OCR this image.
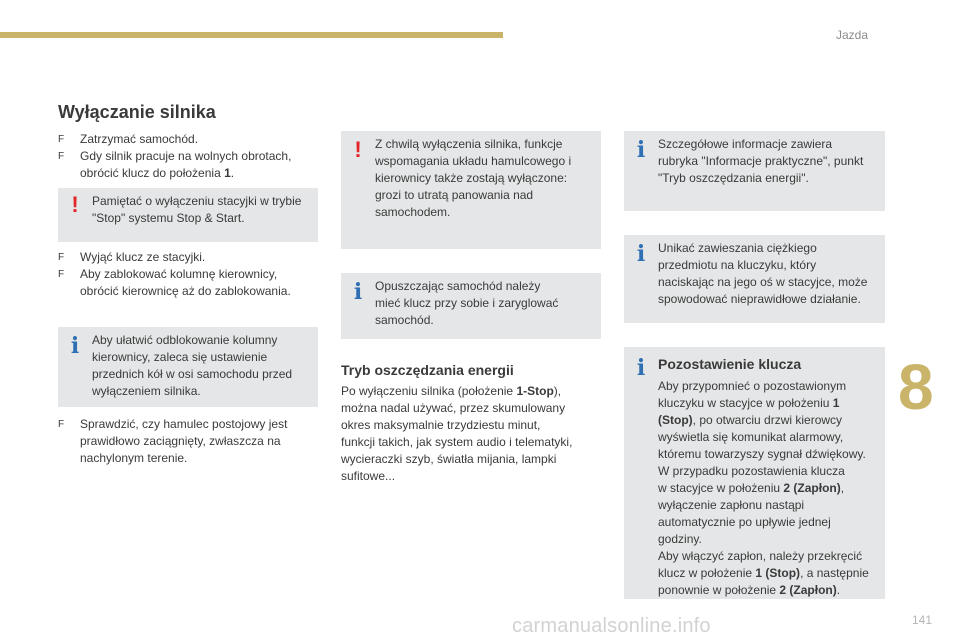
Jazda
8
141
carmanualsonline.info
Wyłączanie silnika
F Zatrzymać samochód.
F Gdy silnik pracuje na wolnych obrotach,
obrócić klucz do położenia 1.
! Pamiętać o wyłączeniu stacyjki w trybie
"Stop" systemu Stop & Start.
F Wyjąć klucz ze stacyjki.
F Aby zablokować kolumnę kierownicy,
obrócić kierownicę aż do zablokowania.
i Aby ułatwić odblokowanie kolumny
kierownicy, zaleca się ustawienie
przednich kół w osi samochodu przed
wyłączeniem silnika.
F Sprawdzić, czy hamulec postojowy jest
prawidłowo zaciągnięty, zwłaszcza na
nachylonym terenie.
! Z chwilą wyłączenia silnika, funkcje
wspomagania układu hamulcowego i
kierownicy także zostają wyłączone:
grozi to utratą panowania nad
samochodem.
i Opuszczając samochód należy
mieć klucz przy sobie i zaryglować
samochód.
Tryb oszczędzania energii
Po wyłączeniu silnika (położenie 1-Stop),
można nadal używać, przez skumulowany
okres maksymalnie trzydziestu minut,
funkcji takich, jak system audio i telematyki,
wycieraczki szyb, światła mijania, lampki
sufitowe...
i Szczegółowe informacje zawiera
rubryka "Informacje praktyczne", punkt
"Tryb oszczędzania energii".
i Unikać zawieszania ciężkiego
przedmiotu na kluczyku, który
naciskając na jego oś w stacyjce, może
spowodować nieprawidłowe działanie.
i Pozostawienie klucza
Aby przypomnieć o pozostawionym
kluczyku w stacyjce w położeniu 1
(Stop), po otwarciu drzwi kierowcy
wyświetla się komunikat alarmowy,
któremu towarzyszy sygnał dźwiękowy.
W przypadku pozostawienia klucza
w stacyjce w położeniu 2 (Zapłon),
wyłączenie zapłonu nastąpi
automatycznie po upływie jednej
godziny.
Aby włączyć zapłon, należy przekręcić
klucz w położenie 1 (Stop), a następnie
ponownie w położenie 2 (Zapłon).
